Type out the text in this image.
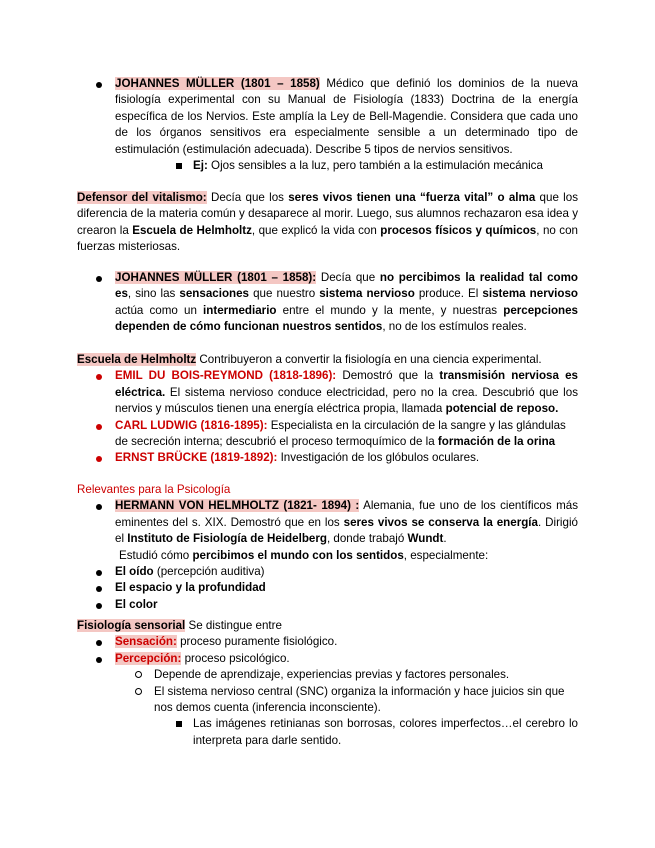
JOHANNES MÜLLER (1801 – 1858) Médico que definió los dominios de la nueva fisiología experimental con su Manual de Fisiología (1833) Doctrina de la energía específica de los Nervios. Este amplía la Ley de Bell-Magendie. Considera que cada uno de los órganos sensitivos era especialmente sensible a un determinado tipo de estimulación (estimulación adecuada). Describe 5 tipos de nervios sensitivos.
Ej: Ojos sensibles a la luz, pero también a la estimulación mecánica
Defensor del vitalismo: Decía que los seres vivos tienen una “fuerza vital” o alma que los diferencia de la materia común y desaparece al morir. Luego, sus alumnos rechazaron esa idea y crearon la Escuela de Helmholtz, que explicó la vida con procesos físicos y químicos, no con fuerzas misteriosas.
JOHANNES MÜLLER (1801 – 1858): Decía que no percibimos la realidad tal como es, sino las sensaciones que nuestro sistema nervioso produce. El sistema nervioso actúa como un intermediario entre el mundo y la mente, y nuestras percepciones dependen de cómo funcionan nuestros sentidos, no de los estímulos reales.
Escuela de Helmholtz Contribuyeron a convertir la fisiología en una ciencia experimental.
EMIL DU BOIS-REYMOND (1818-1896): Demostró que la transmisión nerviosa es eléctrica. El sistema nervioso conduce electricidad, pero no la crea. Descubrió que los nervios y músculos tienen una energía eléctrica propia, llamada potencial de reposo.
CARL LUDWIG (1816-1895): Especialista en la circulación de la sangre y las glándulas de secreción interna; descubrió el proceso termoquímico de la formación de la orina
ERNST BRÜCKE (1819-1892): Investigación de los glóbulos oculares.
Relevantes para la Psicología
HERMANN VON HELMHOLTZ (1821- 1894) : Alemania, fue uno de los científicos más eminentes del s. XIX. Demostró que en los seres vivos se conserva la energía. Dirigió el Instituto de Fisiología de Heidelberg, donde trabajó Wundt.
Estudió cómo percibimos el mundo con los sentidos, especialmente:
El oído (percepción auditiva)
El espacio y la profundidad
El color
Fisiología sensorial Se distingue entre
Sensación: proceso puramente fisiológico.
Percepción: proceso psicológico.
Depende de aprendizaje, experiencias previas y factores personales.
El sistema nervioso central (SNC) organiza la información y hace juicios sin que nos demos cuenta (inferencia inconsciente).
Las imágenes retinianas son borrosas, colores imperfectos…el cerebro lo interpreta para darle sentido.
